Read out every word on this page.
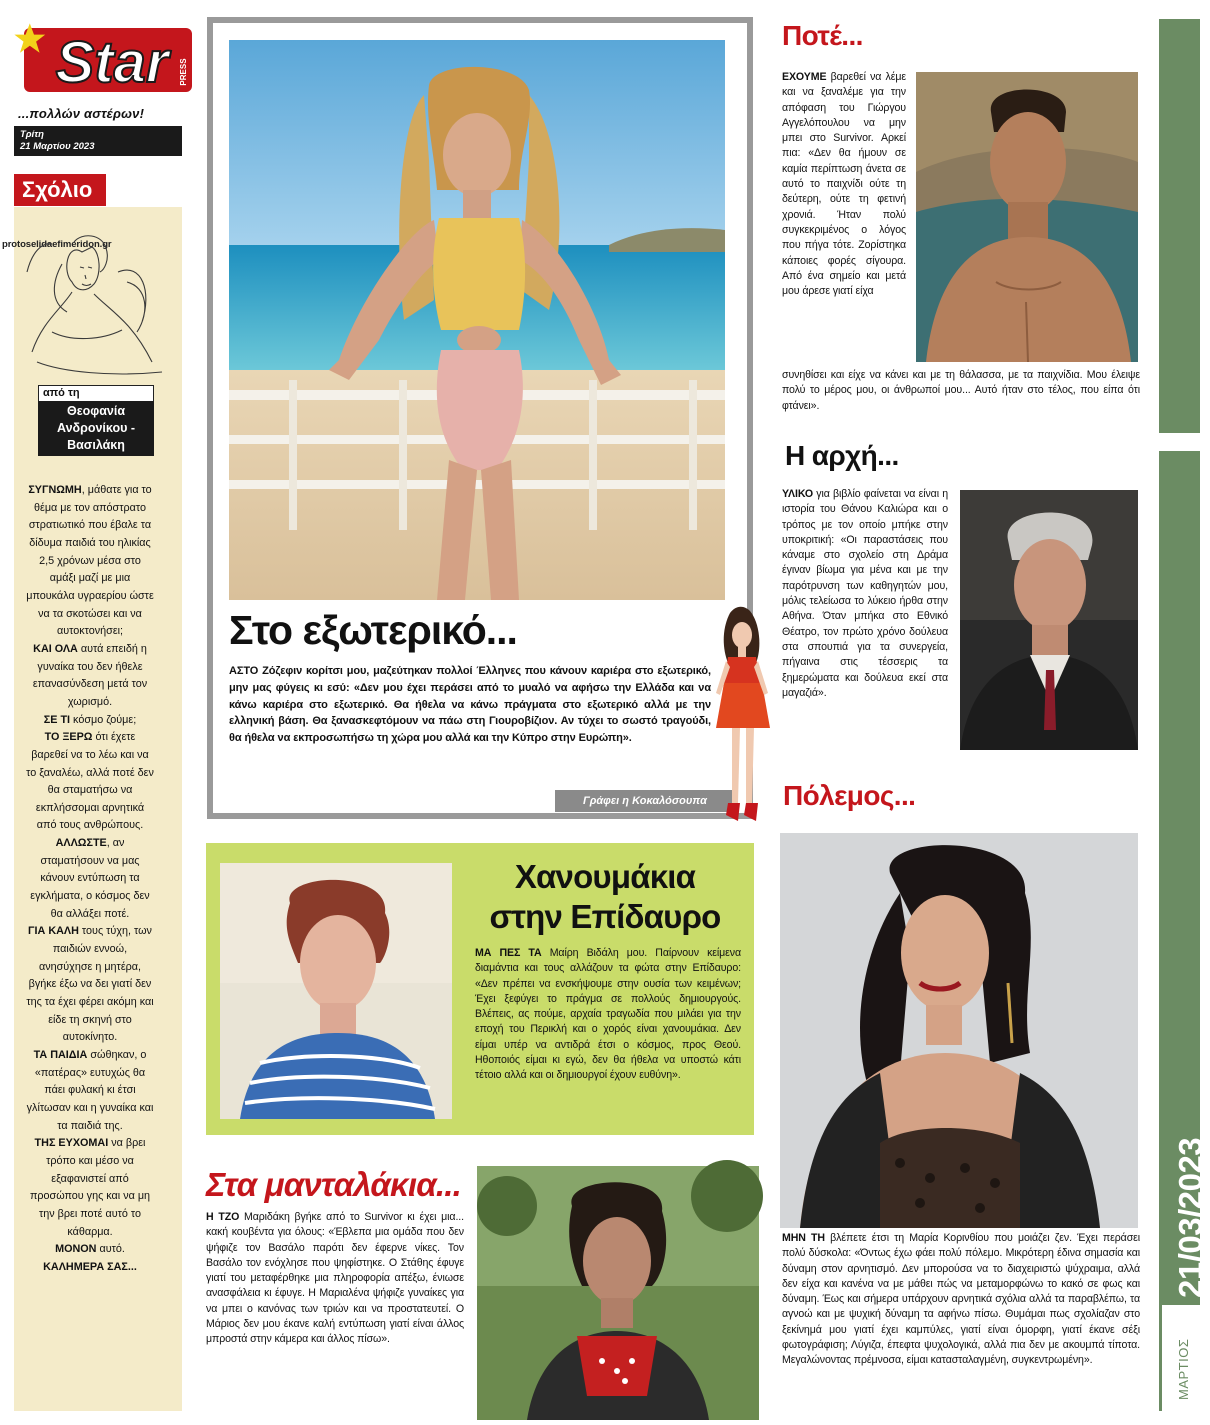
Star	PRESS
...πολλών αστέρων!
Τρίτη
21 Μαρτίου 2023
Σχόλιο
protoselidaefimeridon.gr
από τη
Θεοφανία Ανδρονίκου - Βασιλάκη

ΣΥΓΝΩΜΗ, μάθατε για το θέμα με τον απόστρατο στρατιωτικό που έβαλε τα δίδυμα παιδιά του ηλικίας 2,5 χρόνων μέσα στο αμάξι μαζί με μια μπουκάλα υγραερίου ώστε να τα σκοτώσει και να αυτοκτονήσει;

ΚΑΙ ΟΛΑ αυτά επειδή η γυναίκα του δεν ήθελε επανασύνδεση μετά τον χωρισμό.

ΣΕ ΤΙ κόσμο ζούμε;

ΤΟ ΞΕΡΩ ότι έχετε βαρεθεί να το λέω και να το ξαναλέω, αλλά ποτέ δεν θα σταματήσω να εκπλήσσομαι αρνητικά από τους ανθρώπους.

ΑΛΛΩΣΤΕ, αν σταματήσουν να μας κάνουν εντύπωση τα εγκλήματα, ο κόσμος δεν θα αλλάξει ποτέ.

ΓΙΑ ΚΑΛΗ τους τύχη, των παιδιών εννοώ, ανησύχησε η μητέρα, βγήκε έξω να δει γιατί δεν της τα έχει φέρει ακόμη και είδε τη σκηνή στο αυτοκίνητο.

ΤΑ ΠΑΙΔΙΑ σώθηκαν, ο «πατέρας» ευτυχώς θα πάει φυλακή κι έτσι γλίτωσαν και η γυναίκα και τα παιδιά της.

ΤΗΣ ΕΥΧΟΜΑΙ να βρει τρόπο και μέσο να εξαφανιστεί από προσώπου γης και να μη την βρει ποτέ αυτό το κάθαρμα.

ΜΟΝΟΝ αυτό.

ΚΑΛΗΜΕΡΑ ΣΑΣ...

Στο εξωτερικό...
ΑΣΤΟ Ζόζεφιν κορίτσι μου, μαζεύτηκαν πολλοί Έλληνες που κάνουν καριέρα στο εξωτερικό, μην μας φύγεις κι εσύ: «Δεν μου έχει περάσει από το μυαλό να αφήσω την Ελλάδα και να κάνω καριέρα στο εξωτερικό. Θα ήθελα να κάνω πράγματα στο εξωτερικό αλλά με την ελληνική βάση. Θα ξανασκεφτόμουν να πάω στη Γιουροβίζιον. Αν τύχει το σωστό τραγούδι, θα ήθελα να εκπροσωπήσω τη χώρα μου αλλά και την Κύπρο στην Ευρώπη».
Γράφει η Κοκαλόσουπα
Χανουμάκια
στην Επίδαυρο
ΜΑ ΠΕΣ ΤΑ Μαίρη Βιδάλη μου. Παίρνουν κείμενα διαμάντια και τους αλλάζουν τα φώτα στην Επίδαυρο: «Δεν πρέπει να ενσκήψουμε στην ουσία των κειμένων; Έχει ξεφύγει το πράγμα σε πολλούς δημιουργούς. Βλέπεις, ας πούμε, αρχαία τραγωδία που μιλάει για την εποχή του Περικλή και ο χορός είναι χανουμάκια. Δεν είμαι υπέρ να αντιδρά έτσι ο κόσμος, προς Θεού. Ηθοποιός είμαι κι εγώ, δεν θα ήθελα να υποστώ κάτι τέτοιο αλλά και οι δημιουργοί έχουν ευθύνη».
Στα μανταλάκια...
Η ΤΖΟ Μαριδάκη βγήκε από το Survivor κι έχει μια... κακή κουβέντα για όλους: «Έβλεπα μια ομάδα που δεν ψήφιζε τον Βασάλο παρότι δεν έφερνε νίκες. Τον Βασάλο τον ενόχλησε που ψηφίστηκε. Ο Στάθης έφυγε γιατί του μεταφέρθηκε μια πληροφορία απέξω, ένιωσε ανασφάλεια κι έφυγε. Η Μαριαλένα ψήφιζε γυναίκες για να μπει ο κανόνας των τριών και να προστατευτεί. Ο Μάριος δεν μου έκανε καλή εντύπωση γιατί είναι άλλος μπροστά στην κάμερα και άλλος πίσω».
Ποτέ...
ΕΧΟΥΜΕ βαρεθεί να λέμε και να ξαναλέμε για την απόφαση του Γιώργου Αγγελόπουλου να μην μπει στο Survivor. Αρκεί πια: «Δεν θα ήμουν σε καμία περίπτωση άνετα σε αυτό το παιχνίδι ούτε τη δεύτερη, ούτε τη φετινή χρονιά. Ήταν πολύ συγκεκριμένος ο λόγος που πήγα τότε. Ζορίστηκα κάποιες φορές σίγουρα. Από ένα σημείο και μετά μου άρεσε γιατί είχα
συνηθίσει και είχε να κάνει και με τη θάλασσα, με τα παιχνίδια. Μου έλειψε πολύ το μέρος μου, οι άνθρωποί μου... Αυτό ήταν στο τέλος, που είπα ότι φτάνει».
Η αρχή...
ΥΛΙΚΟ για βιβλίο φαίνεται να είναι η ιστορία του Θάνου Καλιώρα και ο τρόπος με τον οποίο μπήκε στην υποκριτική: «Οι παραστάσεις που κάναμε στο σχολείο στη Δράμα έγιναν βίωμα για μένα και με την παρότρυνση των καθηγητών μου, μόλις τελείωσα το λύκειο ήρθα στην Αθήνα. Όταν μπήκα στο Εθνικό Θέατρο, τον πρώτο χρόνο δούλευα στα σπουπιά για τα συνεργεία, πήγαινα στις τέσσερις τα ξημερώματα και δούλευα εκεί στα μαγαζιά».
Πόλεμος...
ΜΗΝ ΤΗ βλέπετε έτσι τη Μαρία Κορινθίου που μοιάζει ζεν. Έχει περάσει πολύ δύσκολα: «Όντως έχω φάει πολύ πόλεμο. Μικρότερη έδινα σημασία και δύναμη στον αρνητισμό. Δεν μπορούσα να το διαχειριστώ ψύχραιμα, αλλά δεν είχα και κανένα να με μάθει πώς να μεταμορφώνω το κακό σε φως και δύναμη. Έως και σήμερα υπάρχουν αρνητικά σχόλια αλλά τα παραβλέπω, τα αγνοώ και με ψυχική δύναμη τα αφήνω πίσω. Θυμάμαι πως σχολίαζαν στο ξεκίνημά μου γιατί έχει καμπύλες, γιατί είναι όμορφη, γιατί έκανε σέξι φωτογράφιση; Λύγιζα, έπεφτα ψυχολογικά, αλλά πια δεν με ακουμπά τίποτα. Μεγαλώνοντας πρέμνοσα, είμαι κατασταλαγμένη, συγκεντρωμένη».
21/03/2023
ΜΑΡΤΙΟΣ
